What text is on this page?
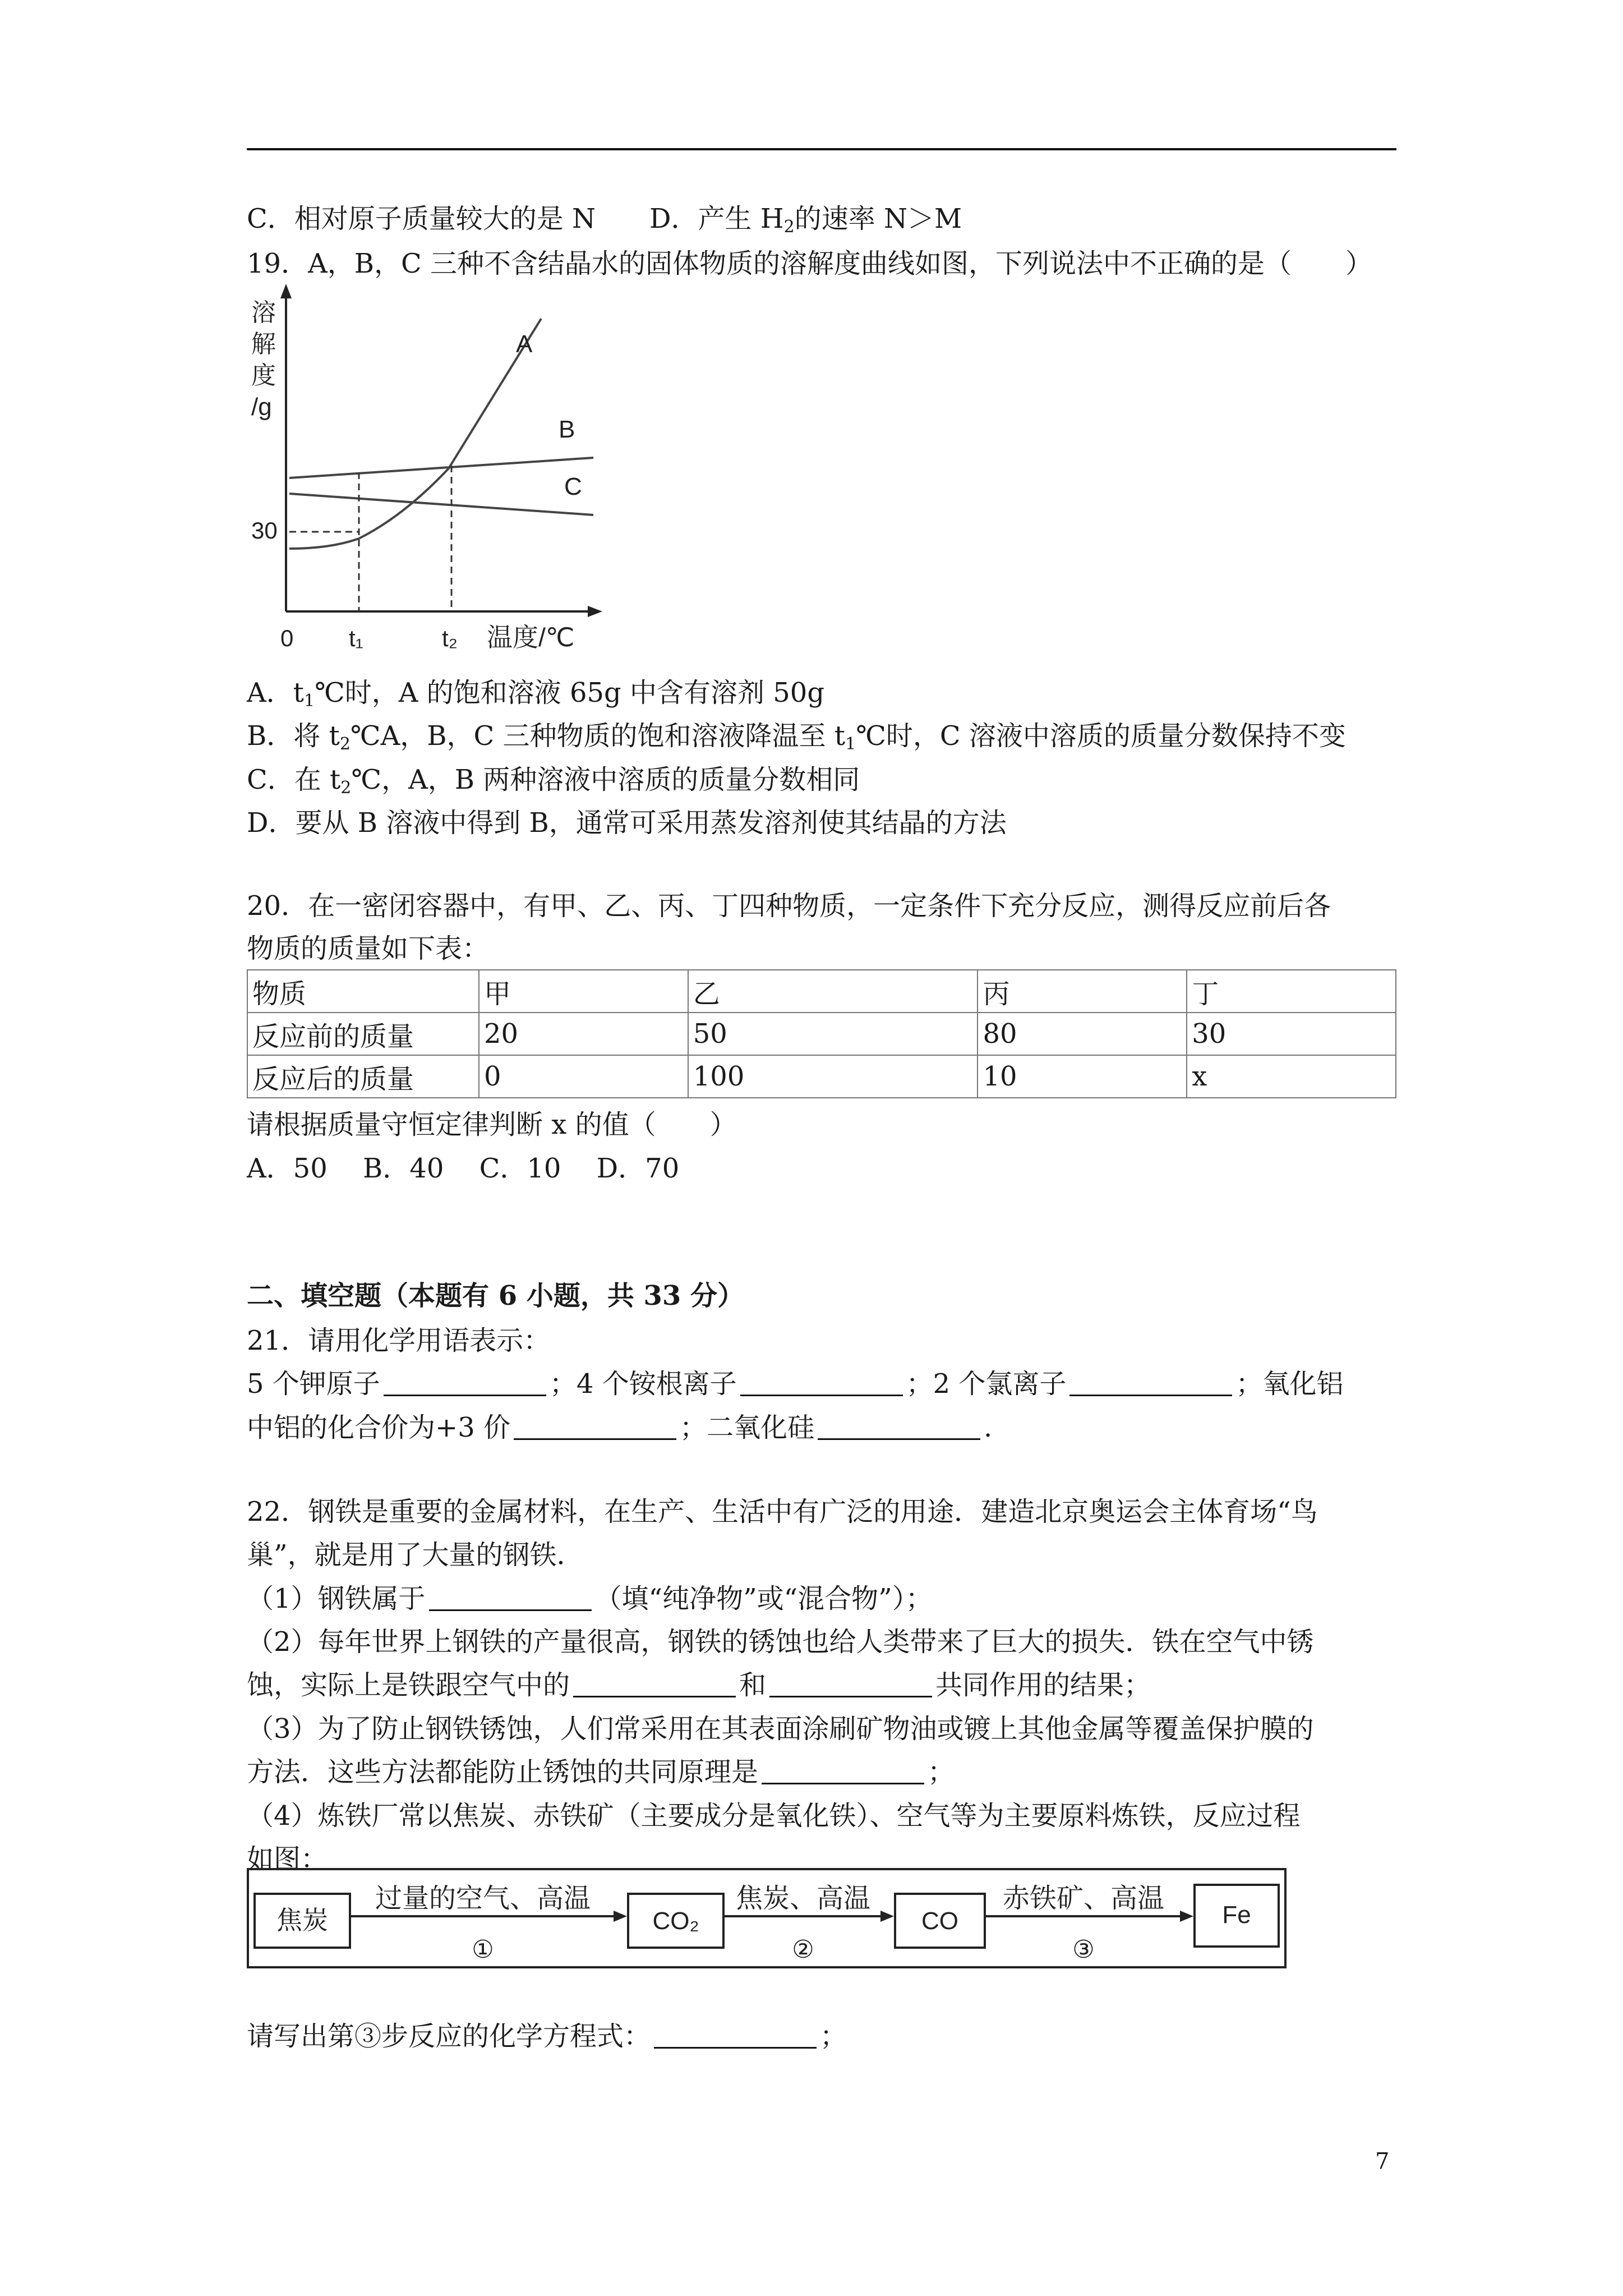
C．相对原子质量较大的是 N　　D．产生 $H_2$的速率 N＞M
19．A，B，C 三种不含结晶水的固体物质的溶解度曲线如图，下列说法中不正确的是（　　）
溶
解
度
/g
30
0 t₁	t₂ 温度/℃
A
B
C
A．$t_1℃$时，A 的饱和溶液 65g 中含有溶剂 50g
B．将 $t_2℃A$，B，C 三种物质的饱和溶液降温至 $t_1℃$时，C 溶液中溶质的质量分数保持不变
C．在 $t_2℃$，A，B 两种溶液中溶质的质量分数相同
D．要从 B 溶液中得到 B，通常可采用蒸发溶剂使其结晶的方法
20．在一密闭容器中，有甲、乙、丙、丁四种物质，一定条件下充分反应，测得反应前后各
物质的质量如下表：
物质	甲	乙	丙	丁
反应前的质量	20	50	80	30
反应后的质量	0	100	10	x
请根据质量守恒定律判断 x 的值（　　）
A．50　 B．40　 C．10　 D．70
二、填空题（本题有 6 小题，共 33 分）
21．请用化学用语表示：
5 个钾原子	；4 个铵根离子	；2 个氯离子	；氧化铝
中铝的化合价为+3 价	；二氧化硅	.
22．钢铁是重要的金属材料，在生产、生活中有广泛的用途．建造北京奥运会主体育场“鸟
巢”，就是用了大量的钢铁．
（1）钢铁属于	（填“纯净物”或“混合物”）；
（2）每年世界上钢铁的产量很高，钢铁的锈蚀也给人类带来了巨大的损失．铁在空气中锈
蚀，实际上是铁跟空气中的	和	共同作用的结果；
（3）为了防止钢铁锈蚀，人们常采用在其表面涂刷矿物油或镀上其他金属等覆盖保护膜的
方法．这些方法都能防止锈蚀的共同原理是	；
（4）炼铁厂常以焦炭、赤铁矿（主要成分是氧化铁）、空气等为主要原料炼铁，反应过程
如图：
焦炭	CO₂	CO	Fe
过量的空气、高温	焦炭、高温	赤铁矿、高温
①	②	③
请写出第③步反应的化学方程式：	；
7
